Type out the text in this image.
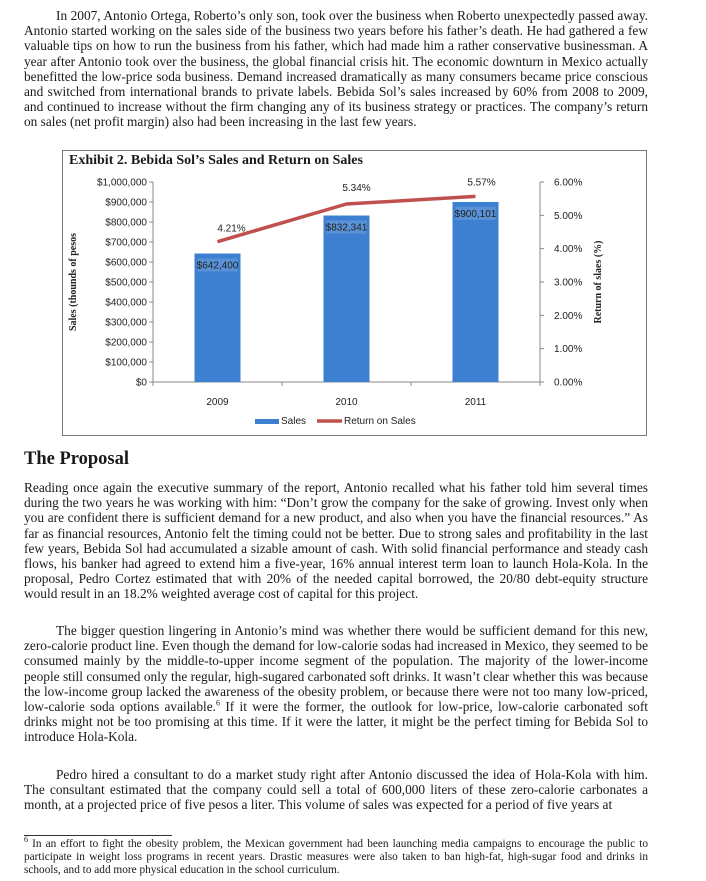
In 2007, Antonio Ortega, Roberto’s only son, took over the business when Roberto unexpectedly passed away. Antonio started working on the sales side of the business two years before his father’s death. He had gathered a few valuable tips on how to run the business from his father, which had made him a rather conservative businessman. A year after Antonio took over the business, the global financial crisis hit. The economic downturn in Mexico actually benefitted the low-price soda business. Demand increased dramatically as many consumers became price conscious and switched from international brands to private labels. Bebida Sol’s sales increased by 60% from 2008 to 2009, and continued to increase without the firm changing any of its business strategy or practices. The company’s return on sales (net profit margin) also had been increasing in the last few years.

Exhibit 2. Bebida Sol’s Sales and Return on Sales

$0
$100,000
$200,000
$300,000
$400,000
$500,000
$600,000
$700,000
$800,000
$900,000
$1,000,000
0.00%
1.00%
2.00%
3.00%
4.00%
5.00%
6.00%
$642,400
$832,341
$900,101
2009	2010	2011
4.21%
5.34%
5.57%
Sales (thounds of pesos	Return of slaes (%)
Sales	Return on Sales
The Proposal

Reading once again the executive summary of the report, Antonio recalled what his father told him several times during the two years he was working with him: “Don’t grow the company for the sake of growing. Invest only when you are confident there is sufficient demand for a new product, and also when you have the financial resources.” As far as financial resources, Antonio felt the timing could not be better. Due to strong sales and profitability in the last few years, Bebida Sol had accumulated a sizable amount of cash. With solid financial performance and steady cash flows, his banker had agreed to extend him a five-year, 16% annual interest term loan to launch Hola-Kola. In the proposal, Pedro Cortez estimated that with 20% of the needed capital borrowed, the 20/80 debt-equity structure would result in an 18.2% weighted average cost of capital for this project.

The bigger question lingering in Antonio’s mind was whether there would be sufficient demand for this new, zero-calorie product line. Even though the demand for low-calorie sodas had increased in Mexico, they seemed to be consumed mainly by the middle-to-upper income segment of the population. The majority of the lower-income people still consumed only the regular, high-sugared carbonated soft drinks. It wasn’t clear whether this was because the low-income group lacked the awareness of the obesity problem, or because there were not too many low-priced, low-calorie soda options available.$^6$ If it were the former, the outlook for low-price, low-calorie carbonated soft drinks might not be too promising at this time. If it were the latter, it might be the perfect timing for Bebida Sol to introduce Hola-Kola.

Pedro hired a consultant to do a market study right after Antonio discussed the idea of Hola-Kola with him. The consultant estimated that the company could sell a total of 600,000 liters of these zero-calorie carbonates a month, at a projected price of five pesos a liter. This volume of sales was expected for a period of five years at

$^6$ In an effort to fight the obesity problem, the Mexican government had been launching media campaigns to encourage the public to participate in weight loss programs in recent years. Drastic measures were also taken to ban high-fat, high-sugar food and drinks in schools, and to add more physical education in the school curriculum.
